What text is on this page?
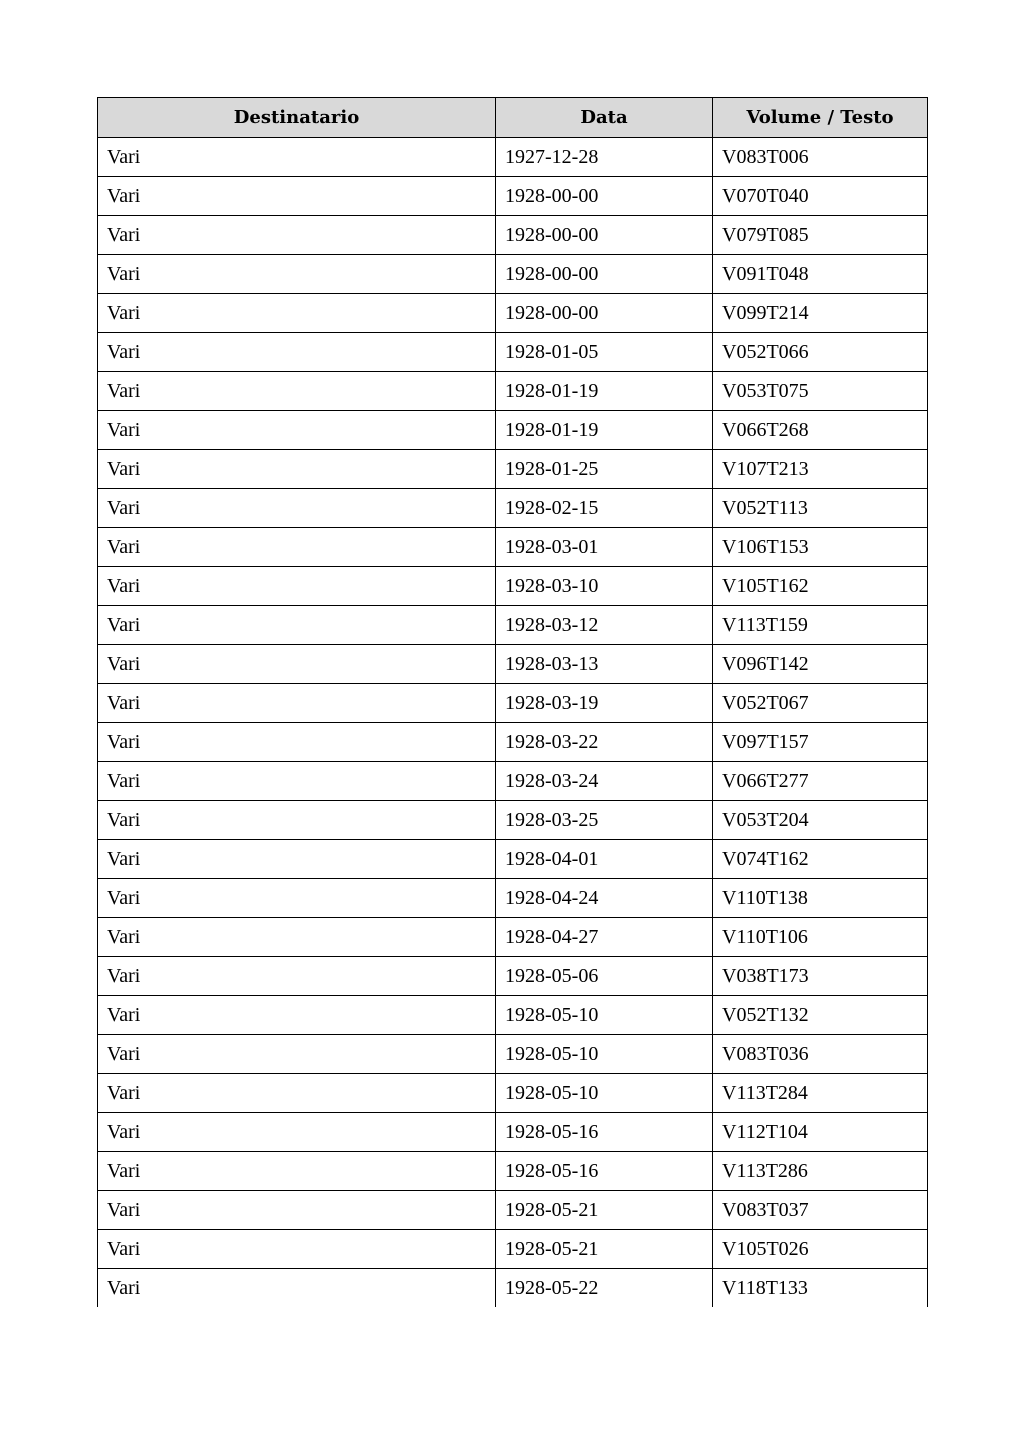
Destinatario	Data	Volume / Testo
Vari	1927-12-28	V083T006
Vari	1928-00-00	V070T040
Vari	1928-00-00	V079T085
Vari	1928-00-00	V091T048
Vari	1928-00-00	V099T214
Vari	1928-01-05	V052T066
Vari	1928-01-19	V053T075
Vari	1928-01-19	V066T268
Vari	1928-01-25	V107T213
Vari	1928-02-15	V052T113
Vari	1928-03-01	V106T153
Vari	1928-03-10	V105T162
Vari	1928-03-12	V113T159
Vari	1928-03-13	V096T142
Vari	1928-03-19	V052T067
Vari	1928-03-22	V097T157
Vari	1928-03-24	V066T277
Vari	1928-03-25	V053T204
Vari	1928-04-01	V074T162
Vari	1928-04-24	V110T138
Vari	1928-04-27	V110T106
Vari	1928-05-06	V038T173
Vari	1928-05-10	V052T132
Vari	1928-05-10	V083T036
Vari	1928-05-10	V113T284
Vari	1928-05-16	V112T104
Vari	1928-05-16	V113T286
Vari	1928-05-21	V083T037
Vari	1928-05-21	V105T026
Vari	1928-05-22	V118T133
